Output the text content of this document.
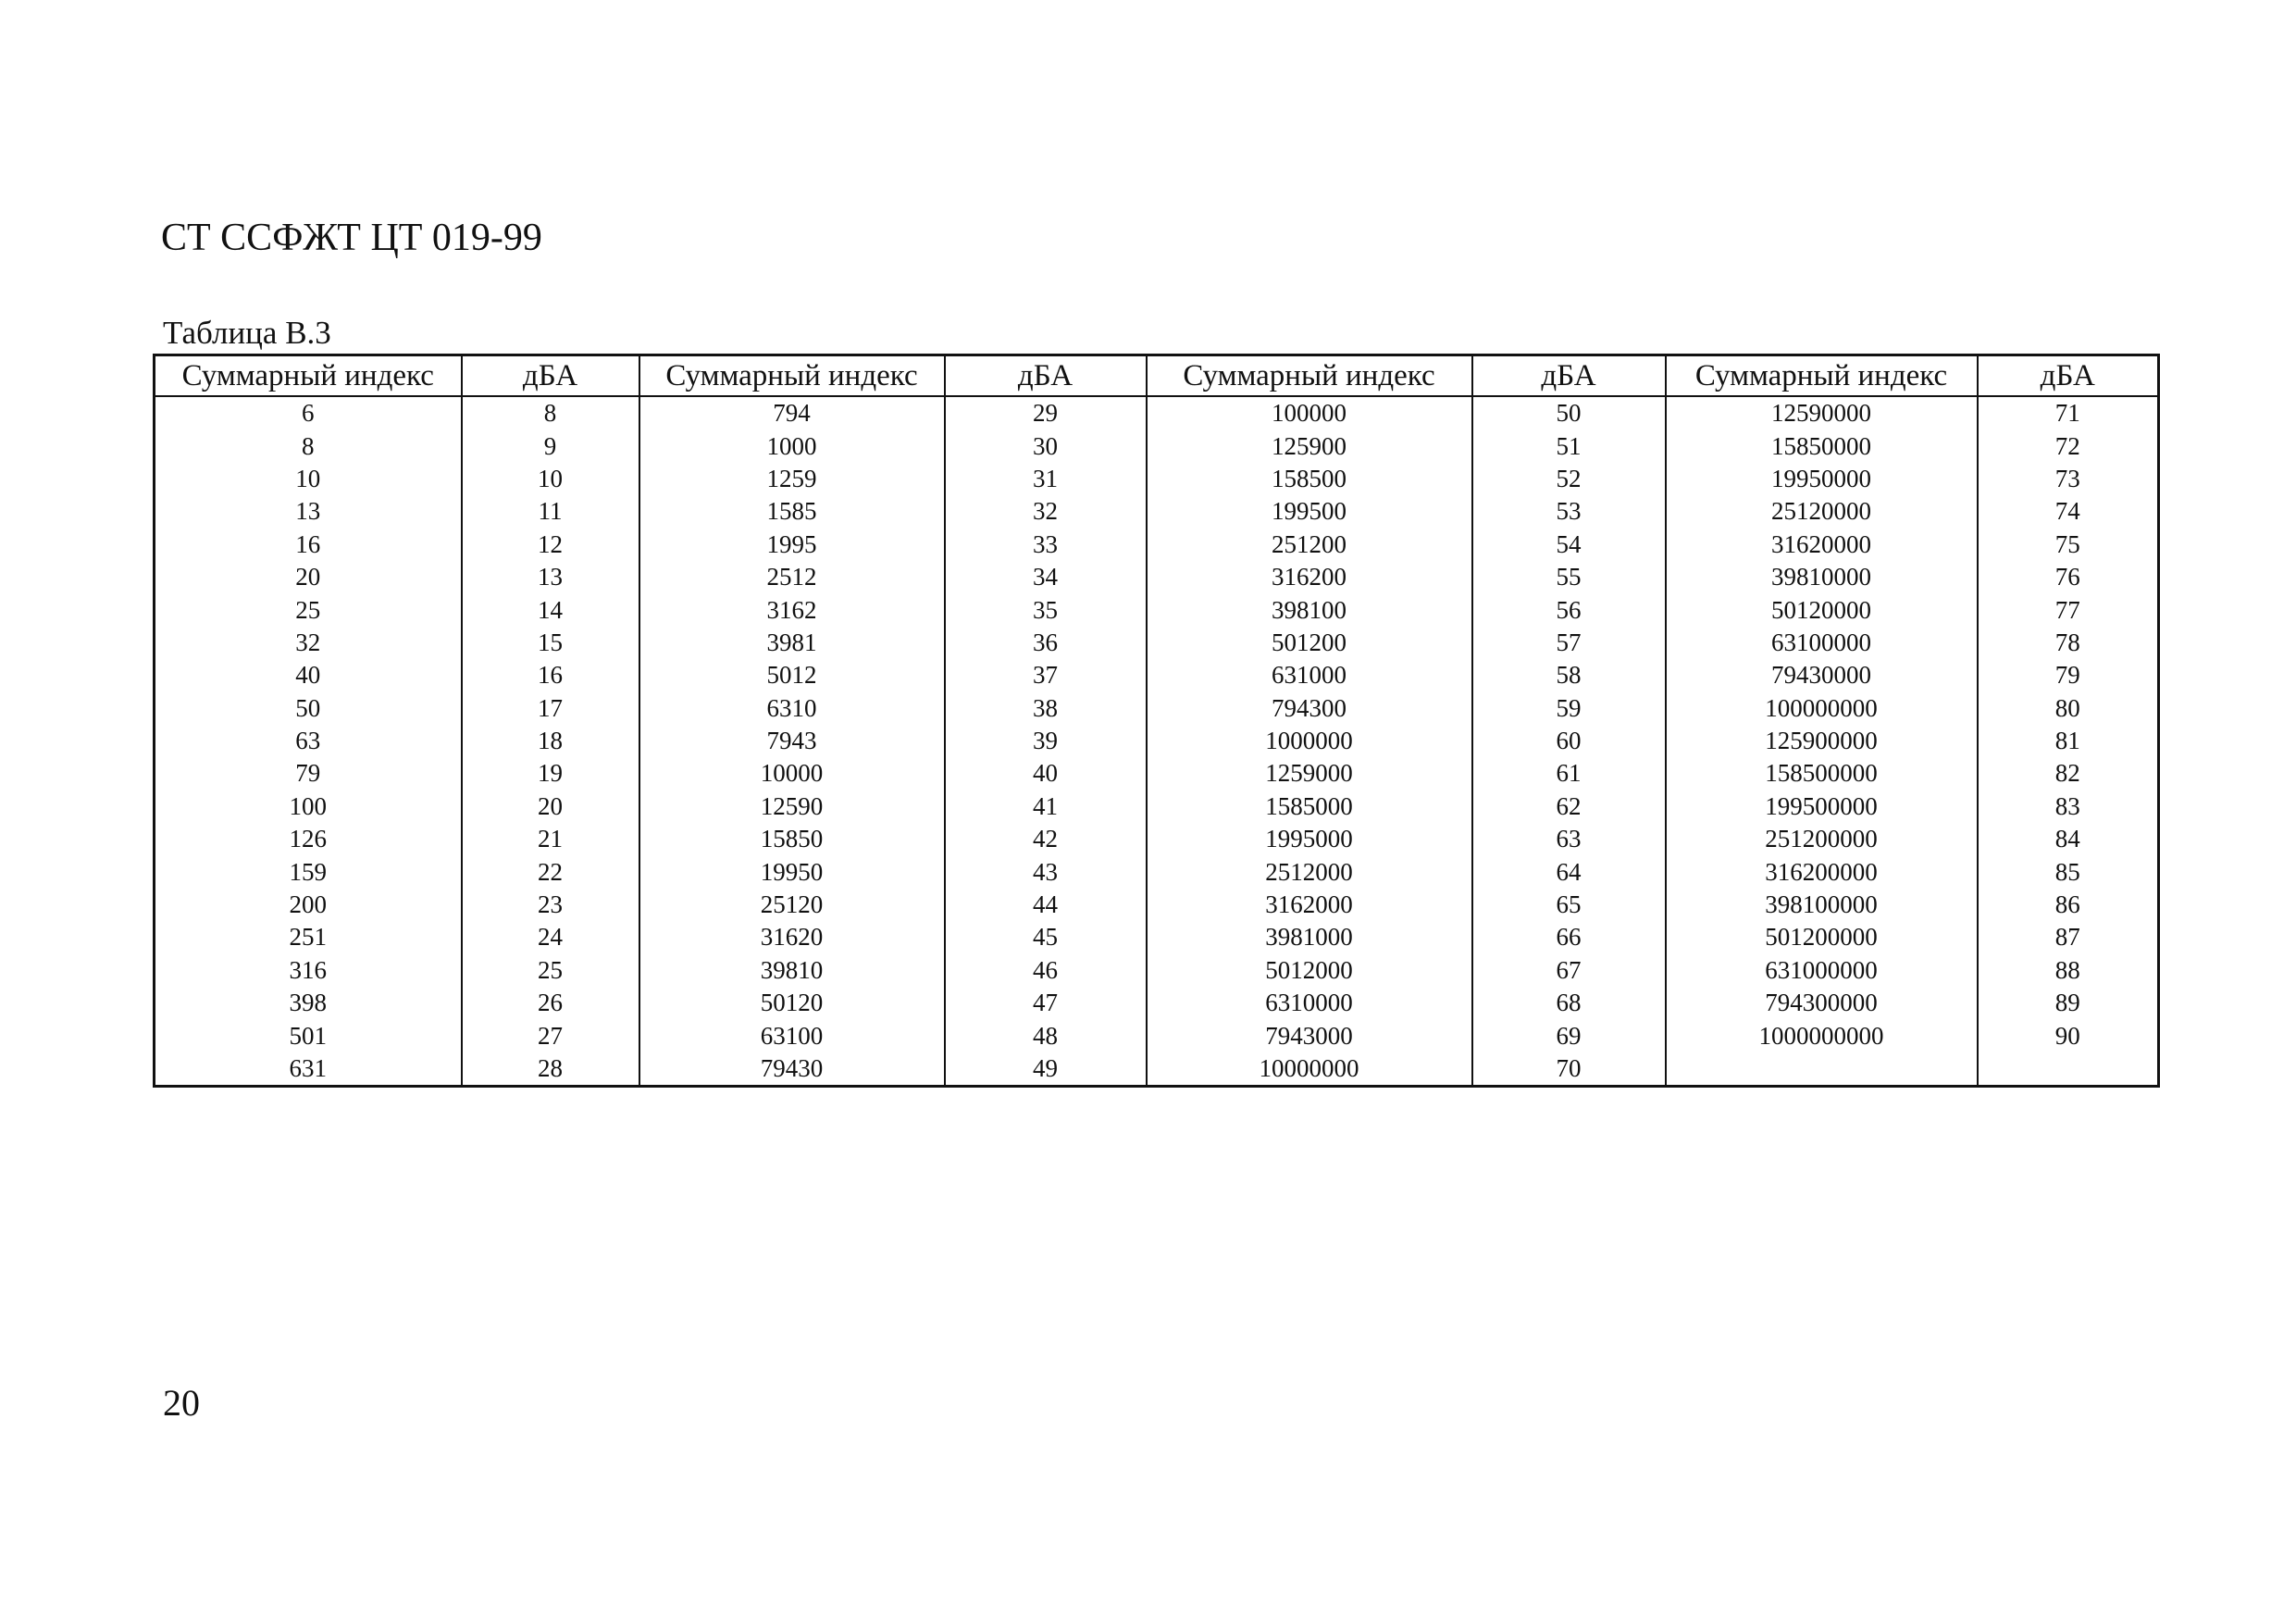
СТ ССФЖТ ЦТ 019-99
Таблица В.3
Суммарный индекс	дБА	Суммарный индекс	дБА	Суммарный индекс	дБА	Суммарный индекс	дБА
6	8	794	29	100000	50	12590000	71
8	9	1000	30	125900	51	15850000	72
10	10	1259	31	158500	52	19950000	73
13	11	1585	32	199500	53	25120000	74
16	12	1995	33	251200	54	31620000	75
20	13	2512	34	316200	55	39810000	76
25	14	3162	35	398100	56	50120000	77
32	15	3981	36	501200	57	63100000	78
40	16	5012	37	631000	58	79430000	79
50	17	6310	38	794300	59	100000000	80
63	18	7943	39	1000000	60	125900000	81
79	19	10000	40	1259000	61	158500000	82
100	20	12590	41	1585000	62	199500000	83
126	21	15850	42	1995000	63	251200000	84
159	22	19950	43	2512000	64	316200000	85
200	23	25120	44	3162000	65	398100000	86
251	24	31620	45	3981000	66	501200000	87
316	25	39810	46	5012000	67	631000000	88
398	26	50120	47	6310000	68	794300000	89
501	27	63100	48	7943000	69	1000000000	90
631	28	79430	49	10000000	70		
20
